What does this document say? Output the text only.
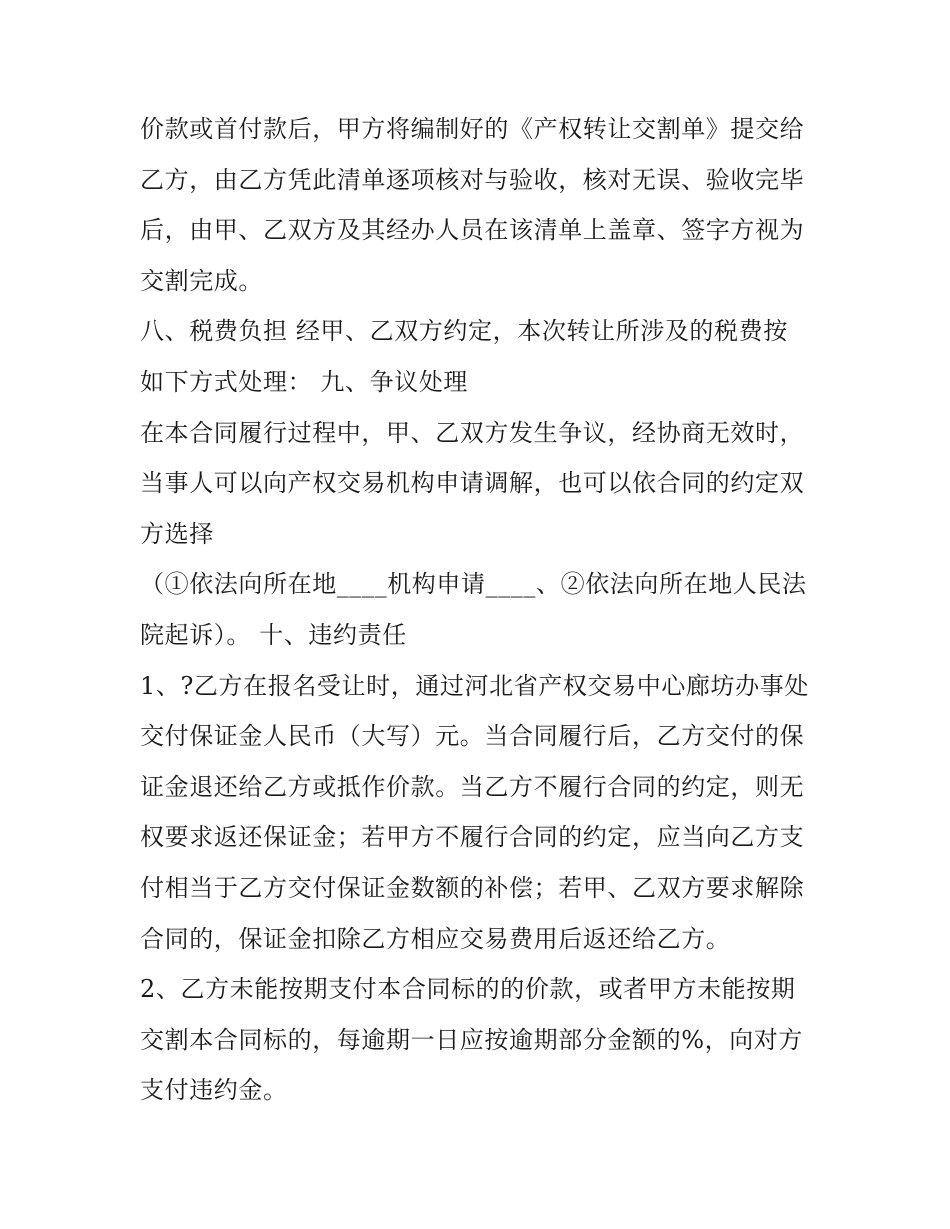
价款或首付款后，甲方将编制好的《产权转让交割单》提交给

乙方，由乙方凭此清单逐项核对与验收，核对无误、验收完毕

后，由甲、乙双方及其经办人员在该清单上盖章、签字方视为

交割完成。

八、税费负担 经甲、乙双方约定，本次转让所涉及的税费按

如下方式处理： 九、争议处理

在本合同履行过程中，甲、乙双方发生争议，经协商无效时，

当事人可以向产权交易机构申请调解，也可以依合同的约定双

方选择

（①依法向所在地____机构申请____、②依法向所在地人民法

院起诉）。 十、违约责任

1、?乙方在报名受让时，通过河北省产权交易中心廊坊办事处

交付保证金人民币（大写）元。当合同履行后，乙方交付的保

证金退还给乙方或抵作价款。当乙方不履行合同的约定，则无

权要求返还保证金；若甲方不履行合同的约定，应当向乙方支

付相当于乙方交付保证金数额的补偿；若甲、乙双方要求解除

合同的，保证金扣除乙方相应交易费用后返还给乙方。

2、乙方未能按期支付本合同标的的价款，或者甲方未能按期

交割本合同标的，每逾期一日应按逾期部分金额的%，向对方

支付违约金。
